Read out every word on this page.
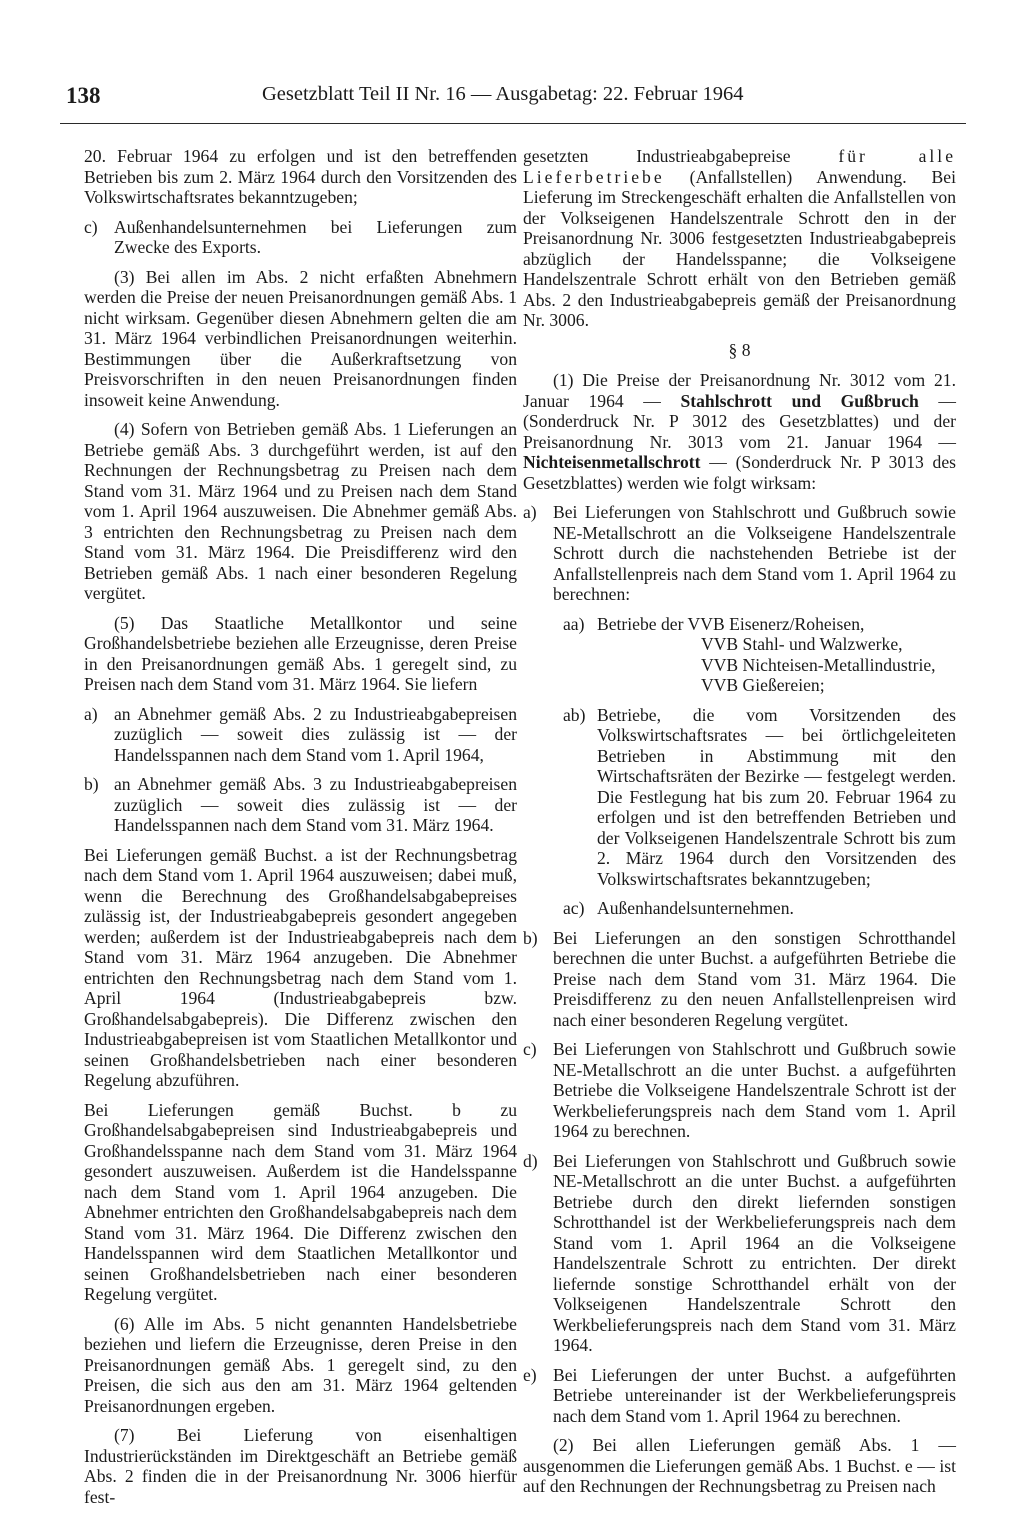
138	Gesetzblatt Teil II Nr. 16 — Ausgabetag: 22. Februar 1964

20. Februar 1964 zu erfolgen und ist den betreffenden Betrieben bis zum 2. März 1964 durch den Vorsitzenden des Volkswirtschaftsrates bekanntzugeben;

c) Außenhandelsunternehmen bei Lieferungen zum Zwecke des Exports.

(3) Bei allen im Abs. 2 nicht erfaßten Abnehmern werden die Preise der neuen Preisanordnungen gemäß Abs. 1 nicht wirksam. Gegenüber diesen Abnehmern gelten die am 31. März 1964 verbindlichen Preisanordnungen weiterhin. Bestimmungen über die Außerkraftsetzung von Preisvorschriften in den neuen Preisanordnungen finden insoweit keine Anwendung.

(4) Sofern von Betrieben gemäß Abs. 1 Lieferungen an Betriebe gemäß Abs. 3 durchgeführt werden, ist auf den Rechnungen der Rechnungsbetrag zu Preisen nach dem Stand vom 31. März 1964 und zu Preisen nach dem Stand vom 1. April 1964 auszuweisen. Die Abnehmer gemäß Abs. 3 entrichten den Rechnungsbetrag zu Preisen nach dem Stand vom 31. März 1964. Die Preisdifferenz wird den Betrieben gemäß Abs. 1 nach einer besonderen Regelung vergütet.

(5) Das Staatliche Metallkontor und seine Großhandelsbetriebe beziehen alle Erzeugnisse, deren Preise in den Preisanordnungen gemäß Abs. 1 geregelt sind, zu Preisen nach dem Stand vom 31. März 1964. Sie liefern

a) an Abnehmer gemäß Abs. 2 zu Industrieabgabepreisen zuzüglich — soweit dies zulässig ist — der Handelsspannen nach dem Stand vom 1. April 1964,
b) an Abnehmer gemäß Abs. 3 zu Industrieabgabepreisen zuzüglich — soweit dies zulässig ist — der Handelsspannen nach dem Stand vom 31. März 1964.

Bei Lieferungen gemäß Buchst. a ist der Rechnungsbetrag nach dem Stand vom 1. April 1964 auszuweisen; dabei muß, wenn die Berechnung des Großhandelsabgabepreises zulässig ist, der Industrieabgabepreis gesondert angegeben werden; außerdem ist der Industrieabgabepreis nach dem Stand vom 31. März 1964 anzugeben. Die Abnehmer entrichten den Rechnungsbetrag nach dem Stand vom 1. April 1964 (Industrieabgabepreis bzw. Großhandelsabgabepreis). Die Differenz zwischen den Industrieabgabepreisen ist vom Staatlichen Metallkontor und seinen Großhandelsbetrieben nach einer besonderen Regelung abzuführen.

Bei Lieferungen gemäß Buchst. b zu Großhandelsabgabepreisen sind Industrieabgabepreis und Großhandelsspanne nach dem Stand vom 31. März 1964 gesondert auszuweisen. Außerdem ist die Handelsspanne nach dem Stand vom 1. April 1964 anzugeben. Die Abnehmer entrichten den Großhandelsabgabepreis nach dem Stand vom 31. März 1964. Die Differenz zwischen den Handelsspannen wird dem Staatlichen Metallkontor und seinen Großhandelsbetrieben nach einer besonderen Regelung vergütet.

(6) Alle im Abs. 5 nicht genannten Handelsbetriebe beziehen und liefern die Erzeugnisse, deren Preise in den Preisanordnungen gemäß Abs. 1 geregelt sind, zu den Preisen, die sich aus den am 31. März 1964 geltenden Preisanordnungen ergeben.

(7) Bei Lieferung von eisenhaltigen Industrierückständen im Direktgeschäft an Betriebe gemäß Abs. 2 finden die in der Preisanordnung Nr. 3006 hierfür fest-

gesetzten Industrieabgabepreise	für alle Lieferbetriebe (Anfallstellen) Anwendung. Bei Lieferung im Streckengeschäft erhalten die Anfallstellen von der Volkseigenen Handelszentrale Schrott den in der Preisanordnung Nr. 3006 festgesetzten Industrieabgabepreis abzüglich der Handelsspanne; die Volkseigene Handelszentrale Schrott erhält von den Betrieben gemäß Abs. 2 den Industrieabgabepreis gemäß der Preisanordnung Nr. 3006.

§ 8

(1) Die Preise der Preisanordnung Nr. 3012 vom 21. Januar 1964 — Stahlschrott und Gußbruch — (Sonderdruck Nr. P 3012 des Gesetzblattes) und der Preisanordnung Nr. 3013 vom 21. Januar 1964 — Nichteisenmetallschrott — (Sonderdruck Nr. P 3013 des Gesetzblattes) werden wie folgt wirksam:

a) Bei Lieferungen von Stahlschrott und Gußbruch sowie NE-Metallschrott an die Volkseigene Handelszentrale Schrott durch die nachstehenden Betriebe ist der Anfallstellenpreis nach dem Stand vom 1. April 1964 zu berechnen:
aa) Betriebe der VVB Eisenerz/Roheisen,
VVB Stahl- und Walzwerke,
VVB Nichteisen-Metallindustrie,
VVB Gießereien;
ab) Betriebe, die vom Vorsitzenden des Volkswirtschaftsrates — bei örtlichgeleiteten Betrieben in Abstimmung mit den Wirtschaftsräten der Bezirke — festgelegt werden. Die Festlegung hat bis zum 20. Februar 1964 zu erfolgen und ist den betreffenden Betrieben und der Volkseigenen Handelszentrale Schrott bis zum 2. März 1964 durch den Vorsitzenden des Volkswirtschaftsrates bekanntzugeben;
ac) Außenhandelsunternehmen.
b) Bei Lieferungen an den sonstigen Schrotthandel berechnen die unter Buchst. a aufgeführten Betriebe die Preise nach dem Stand vom 31. März 1964. Die Preisdifferenz zu den neuen Anfallstellenpreisen wird nach einer besonderen Regelung vergütet.
c) Bei Lieferungen von Stahlschrott und Gußbruch sowie NE-Metallschrott an die unter Buchst. a aufgeführten Betriebe die Volkseigene Handelszentrale Schrott ist der Werkbelieferungspreis nach dem Stand vom 1. April 1964 zu berechnen.
d) Bei Lieferungen von Stahlschrott und Gußbruch sowie NE-Metallschrott an die unter Buchst. a aufgeführten Betriebe durch den direkt liefernden sonstigen Schrotthandel ist der Werkbelieferungspreis nach dem Stand vom 1. April 1964 an die Volkseigene Handelszentrale Schrott zu entrichten. Der direkt liefernde sonstige Schrotthandel erhält von der Volkseigenen Handelszentrale Schrott den Werkbelieferungspreis nach dem Stand vom 31. März 1964.
e) Bei Lieferungen der unter Buchst. a aufgeführten Betriebe untereinander ist der Werkbelieferungspreis nach dem Stand vom 1. April 1964 zu berechnen.

(2) Bei allen Lieferungen gemäß Abs. 1 — ausgenommen die Lieferungen gemäß Abs. 1 Buchst. e — ist auf den Rechnungen der Rechnungsbetrag zu Preisen nach
